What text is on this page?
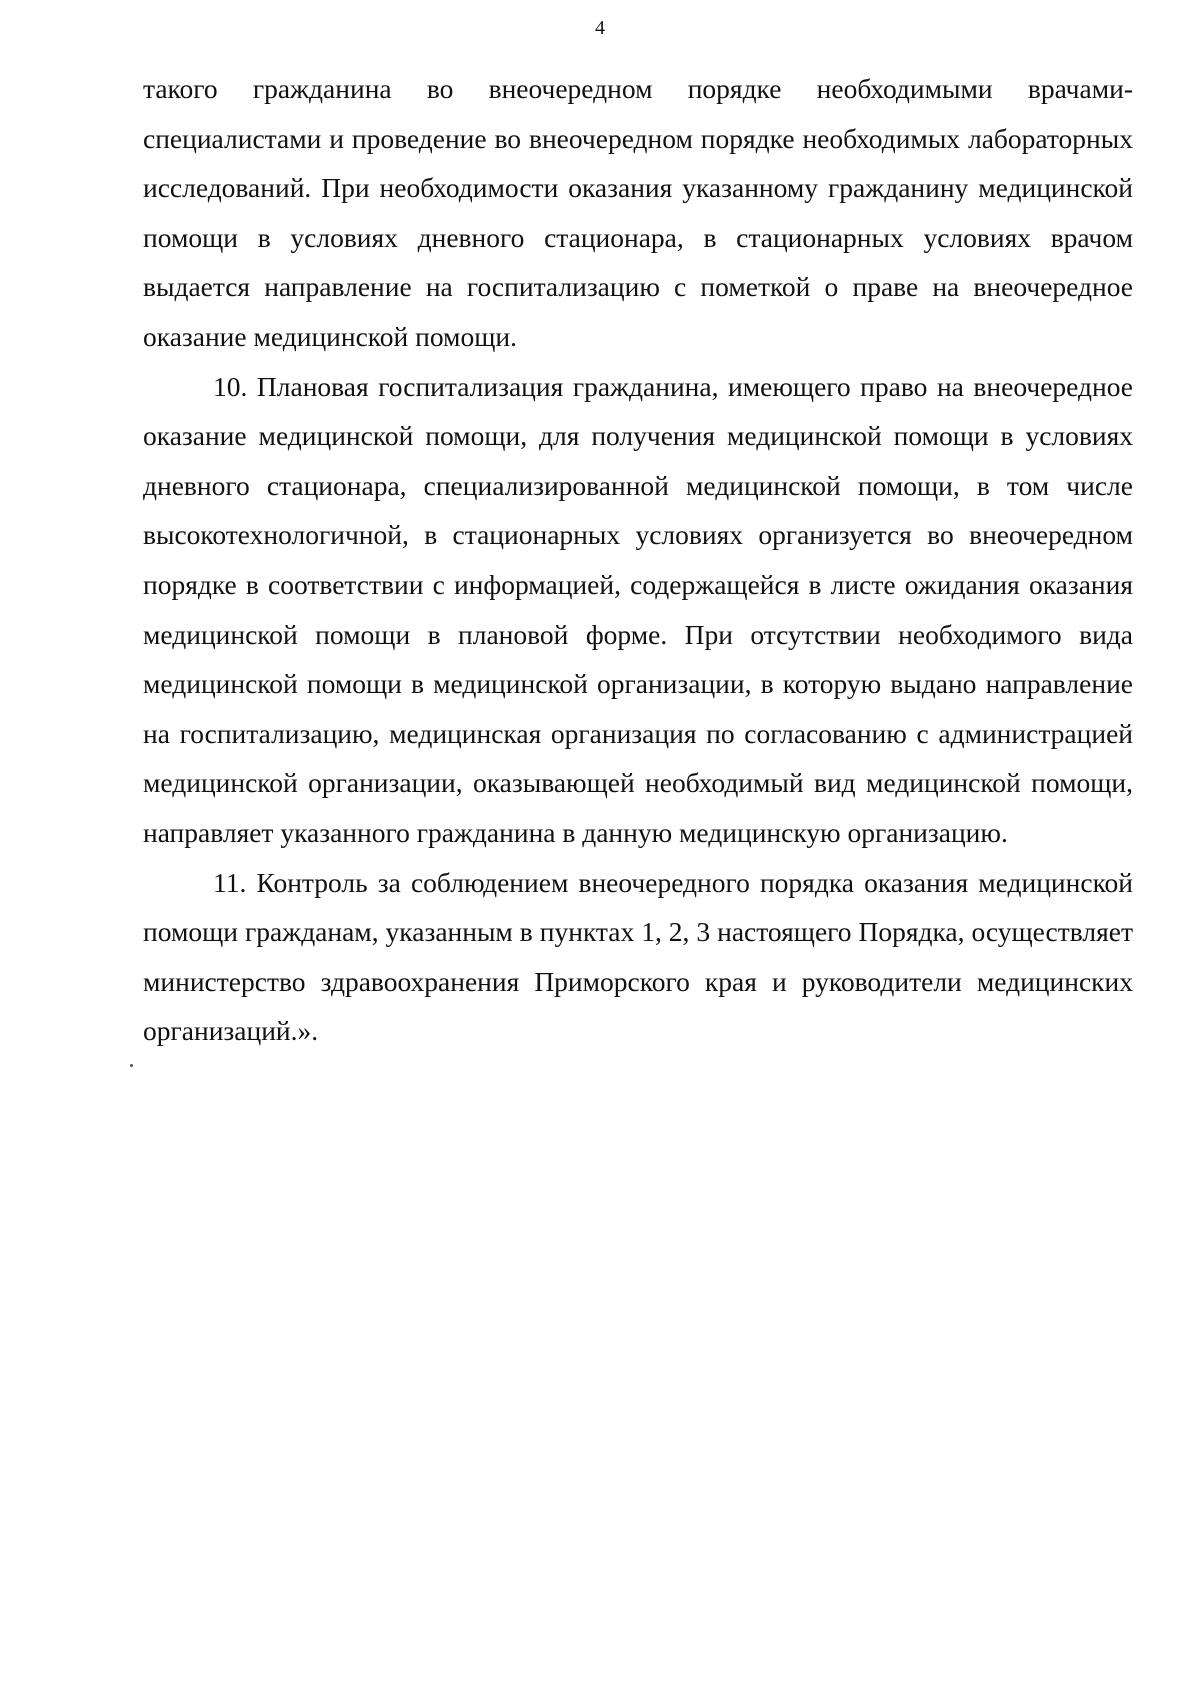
4

такого гражданина во внеочередном порядке необходимыми врачами-специалистами и проведение во внеочередном порядке необходимых лабораторных исследований. При необходимости оказания указанному гражданину медицинской помощи в условиях дневного стационара, в стационарных условиях врачом выдается направление на госпитализацию с пометкой о праве на внеочередное оказание медицинской помощи.

10. Плановая госпитализация гражданина, имеющего право на внеочередное оказание медицинской помощи, для получения медицинской помощи в условиях дневного стационара, специализированной медицинской помощи, в том числе высокотехнологичной, в стационарных условиях организуется во внеочередном порядке в соответствии с информацией, содержащейся в листе ожидания оказания медицинской помощи в плановой форме. При отсутствии необходимого вида медицинской помощи в медицинской организации, в которую выдано направление на госпитализацию, медицинская организация по согласованию с администрацией медицинской организации, оказывающей необходимый вид медицинской помощи, направляет указанного гражданина в данную медицинскую организацию.

11. Контроль за соблюдением внеочередного порядка оказания медицинской помощи гражданам, указанным в пунктах 1, 2, 3 настоящего Порядка, осуществляет министерство здравоохранения Приморского края и руководители медицинских организаций.».
